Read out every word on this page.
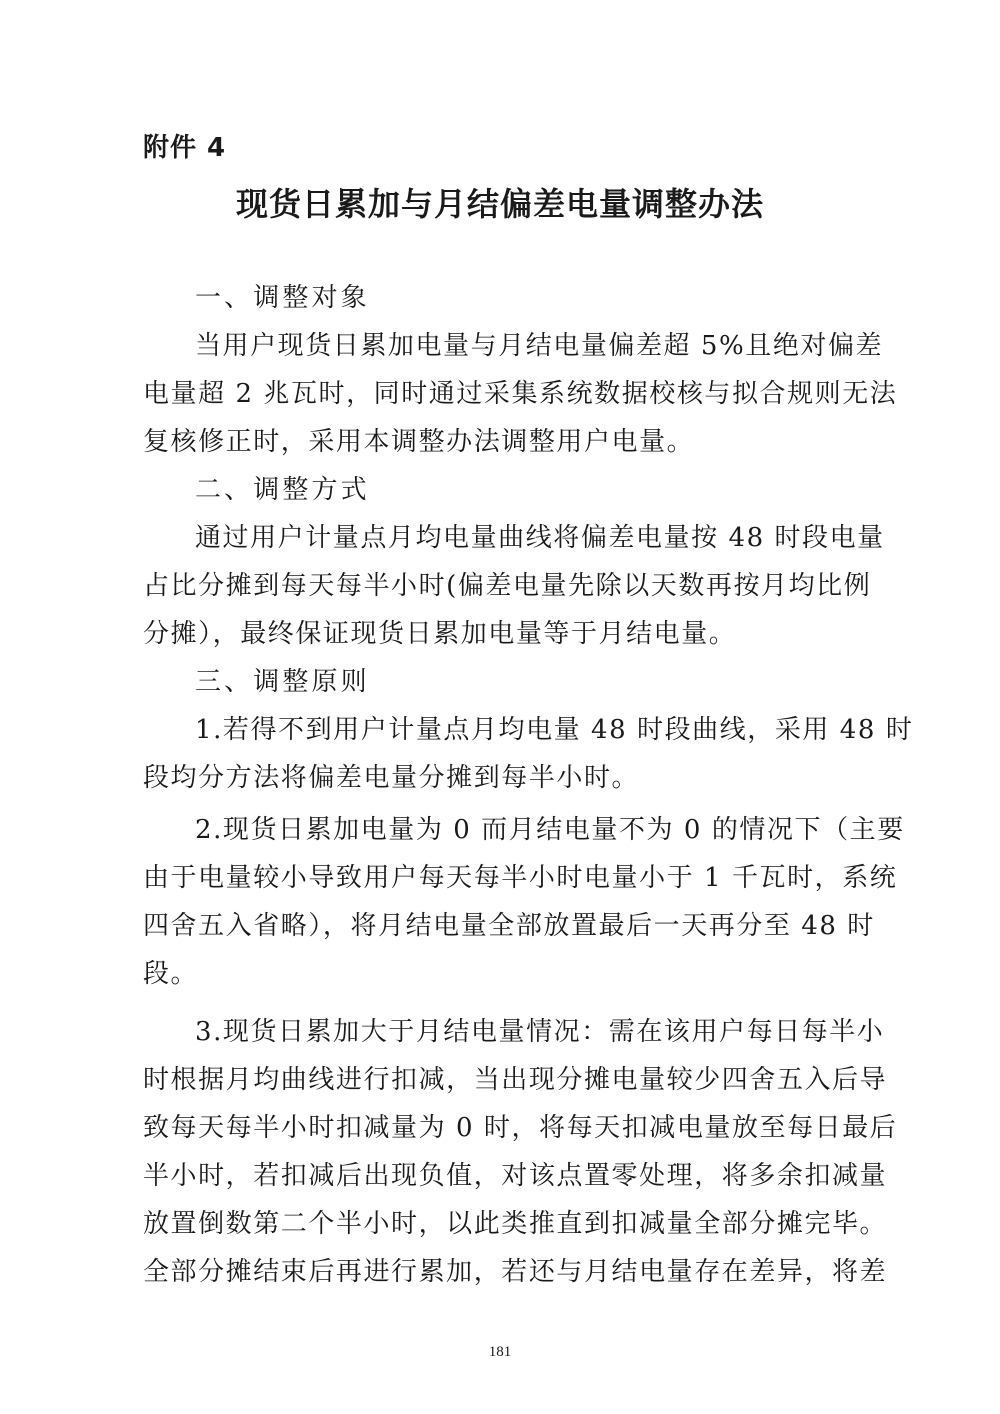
附件 4
现货日累加与月结偏差电量调整办法

一、调整对象

当用户现货日累加电量与月结电量偏差超 5%且绝对偏差
电量超 2 兆瓦时，同时通过采集系统数据校核与拟合规则无法
复核修正时，采用本调整办法调整用户电量。

二、调整方式

通过用户计量点月均电量曲线将偏差电量按 48 时段电量
占比分摊到每天每半小时(偏差电量先除以天数再按月均比例
分摊），最终保证现货日累加电量等于月结电量。

三、调整原则

1.若得不到用户计量点月均电量 48 时段曲线，采用 48 时
段均分方法将偏差电量分摊到每半小时。
2.现货日累加电量为 0 而月结电量不为 0 的情况下（主要
由于电量较小导致用户每天每半小时电量小于 1 千瓦时，系统
四舍五入省略），将月结电量全部放置最后一天再分至 48 时
段。
3.现货日累加大于月结电量情况：需在该用户每日每半小
时根据月均曲线进行扣减，当出现分摊电量较少四舍五入后导
致每天每半小时扣减量为 0 时，将每天扣减电量放至每日最后
半小时，若扣减后出现负值，对该点置零处理，将多余扣减量
放置倒数第二个半小时，以此类推直到扣减量全部分摊完毕。
全部分摊结束后再进行累加，若还与月结电量存在差异，将差
181
